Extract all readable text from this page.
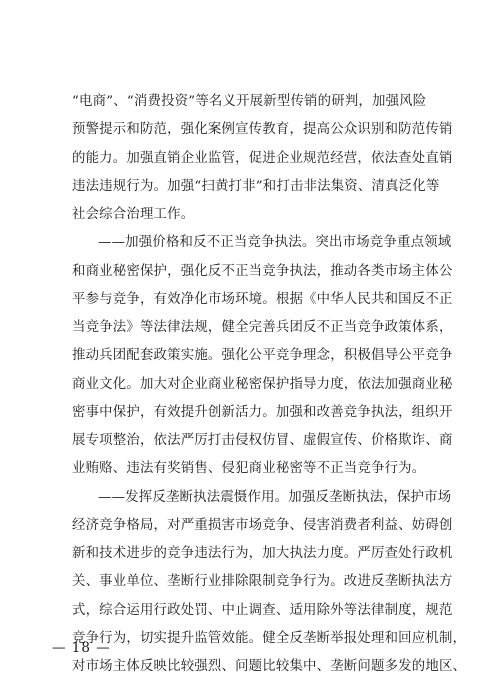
“电商”、“消费投资”等名义开展新型传销的研判，加强风险
预警提示和防范，强化案例宣传教育，提高公众识别和防范传销
的能力。加强直销企业监管，促进企业规范经营，依法查处直销
违法违规行为。加强“扫黄打非”和打击非法集资、清真泛化等
社会综合治理工作。
——加强价格和反不正当竞争执法。突出市场竞争重点领域
和商业秘密保护，强化反不正当竞争执法，推动各类市场主体公
平参与竞争，有效净化市场环境。根据《中华人民共和国反不正
当竞争法》等法律法规，健全完善兵团反不正当竞争政策体系，
推动兵团配套政策实施。强化公平竞争理念，积极倡导公平竞争
商业文化。加大对企业商业秘密保护指导力度，依法加强商业秘
密事中保护，有效提升创新活力。加强和改善竞争执法，组织开
展专项整治，依法严厉打击侵权仿冒、虚假宣传、价格欺诈、商
业贿赂、违法有奖销售、侵犯商业秘密等不正当竞争行为。
——发挥反垄断执法震慑作用。加强反垄断执法，保护市场
经济竞争格局，对严重损害市场竞争、侵害消费者利益、妨碍创
新和技术进步的竞争违法行为，加大执法力度。严厉查处行政机
关、事业单位、垄断行业排除限制竞争行为。改进反垄断执法方
式，综合运用行政处罚、中止调查、适用除外等法律制度，规范
竞争行为，切实提升监管效能。健全反垄断举报处理和回应机制，
对市场主体反映比较强烈、问题比较集中、垄断问题多发的地区、
— 18 —
